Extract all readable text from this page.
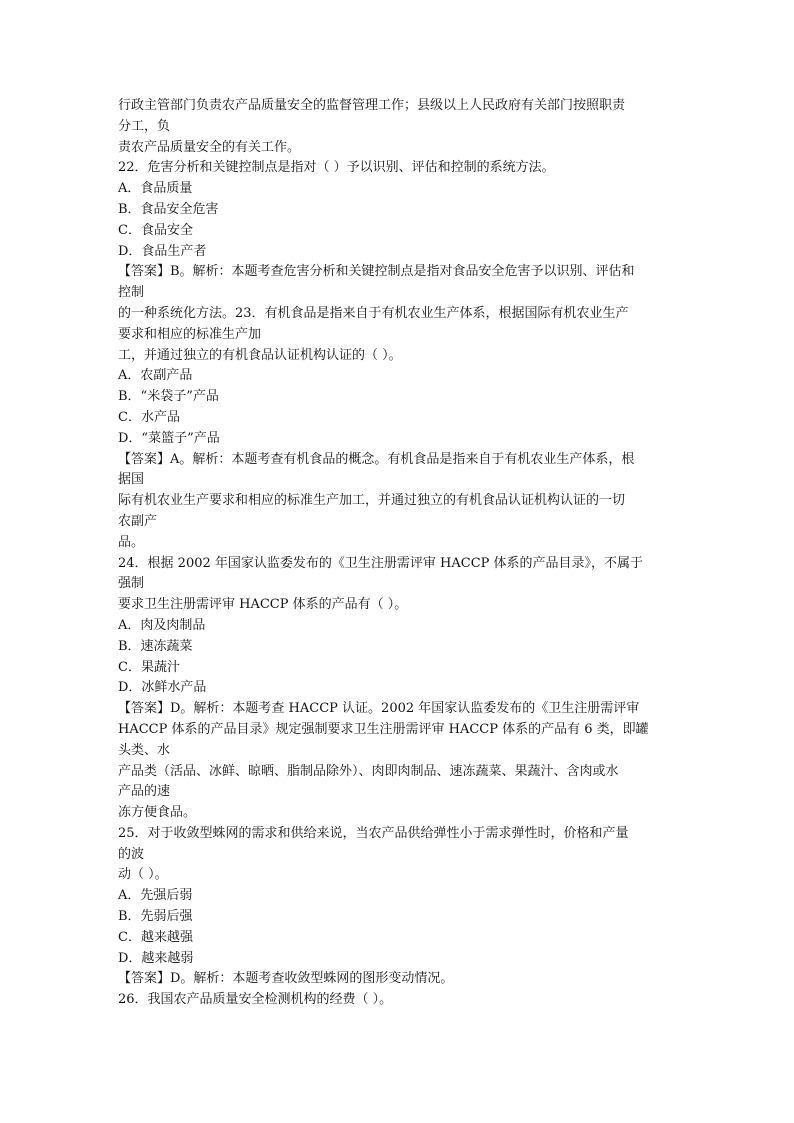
行政主管部门负责农产品质量安全的监督管理工作；县级以上人民政府有关部门按照职责
分工，负
责农产品质量安全的有关工作。
22．危害分析和关键控制点是指对（ ）予以识别、评估和控制的系统方法。
A．食品质量
B．食品安全危害
C．食品安全
D．食品生产者
【答案】B。解析：本题考查危害分析和关键控制点是指对食品安全危害予以识别、评估和
控制
的一种系统化方法。23．有机食品是指来自于有机农业生产体系，根据国际有机农业生产
要求和相应的标准生产加
工，并通过独立的有机食品认证机构认证的（ ）。
A．农副产品
B．“米袋子”产品
C．水产品
D．“菜篮子”产品
【答案】A。解析：本题考查有机食品的概念。有机食品是指来自于有机农业生产体系，根
据国
际有机农业生产要求和相应的标准生产加工，并通过独立的有机食品认证机构认证的一切
农副产
品。
24．根据 2002 年国家认监委发布的《卫生注册需评审 HACCP 体系的产品目录》，不属于
强制
要求卫生注册需评审 HACCP 体系的产品有（ ）。
A．肉及肉制品
B．速冻蔬菜
C．果蔬汁
D．冰鲜水产品
【答案】D。解析：本题考查 HACCP 认证。2002 年国家认监委发布的《卫生注册需评审
HACCP 体系的产品目录》规定强制要求卫生注册需评审 HACCP 体系的产品有 6 类，即罐
头类、水
产品类（活品、冰鲜、晾晒、脂制品除外）、肉即肉制品、速冻蔬菜、果蔬汁、含肉或水
产品的速
冻方便食品。
25．对于收敛型蛛网的需求和供给来说，当农产品供给弹性小于需求弹性时，价格和产量
的波
动（ ）。
A．先强后弱
B．先弱后强
C．越来越强
D．越来越弱
【答案】D。解析：本题考查收敛型蛛网的图形变动情况。
26．我国农产品质量安全检测机构的经费（ ）。
